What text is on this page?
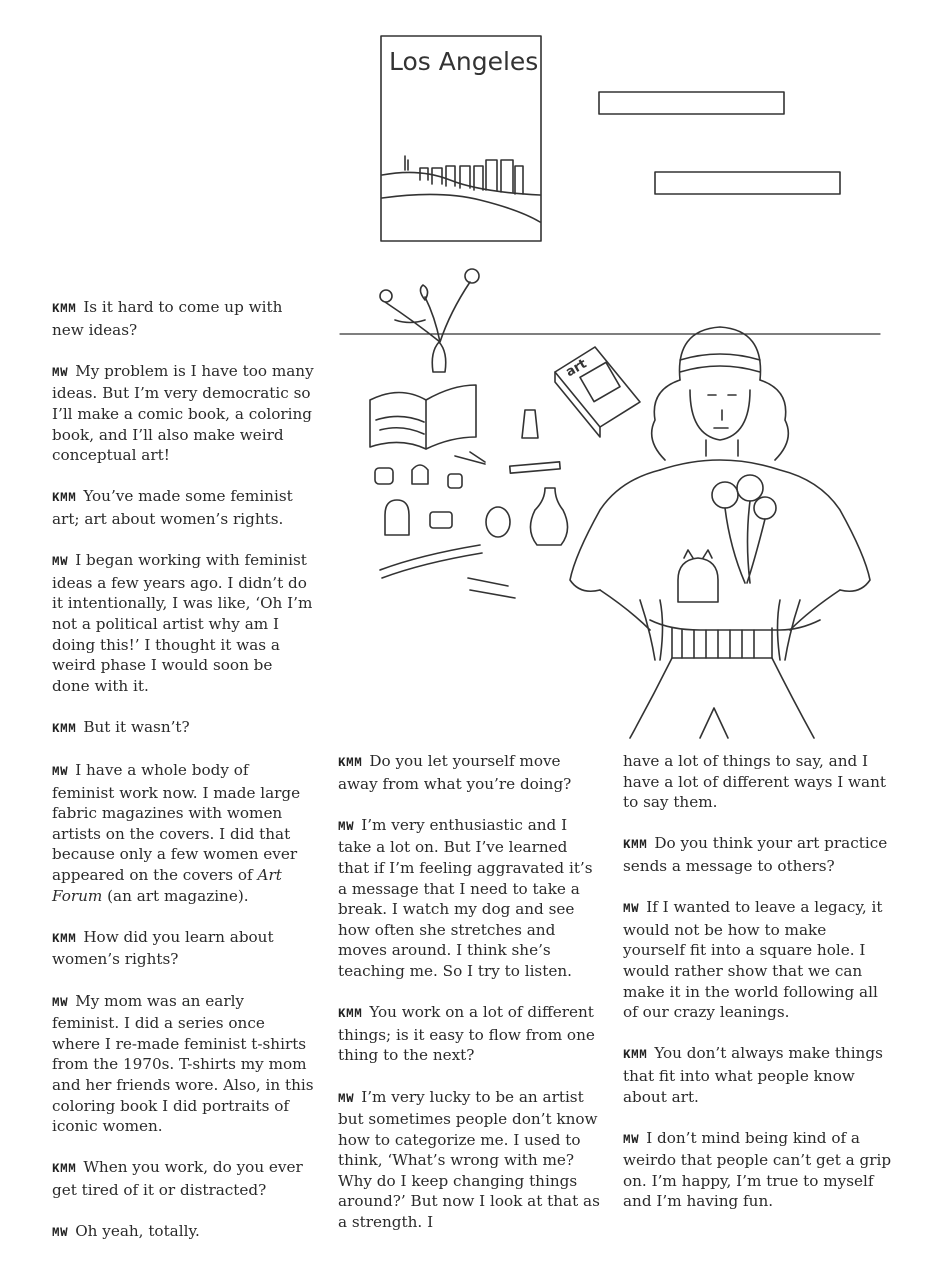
Los Angeles
art

KMM Is it hard to come up with new ideas?

MW My problem is I have too many ideas. But I’m very democratic so I’ll make a comic book, a coloring book, and I’ll also make weird conceptual art!

KMM You’ve made some feminist art; art about women’s rights.

MW I began working with feminist ideas a few years ago. I didn’t do it intentionally, I was like, ‘Oh I’m not a political artist why am I doing this!’ I thought it was a weird phase I would soon be done with it.

KMM But it wasn’t?

MW I have a whole body of feminist work now. I made large fabric magazines with women artists on the covers. I did that because only a few women ever appeared on the covers of Art Forum (an art magazine).

KMM How did you learn about women’s rights?

MW My mom was an early feminist. I did a series once where I re-made feminist t-shirts from the 1970s. T-shirts my mom and her friends wore. Also, in this coloring book I did portraits of iconic women.

KMM When you work, do you ever get tired of it or distracted?

MW Oh yeah, totally.

KMM Do you let yourself move away from what you’re doing?

MW I’m very enthusiastic and I take a lot on. But I’ve learned that if I’m feeling aggravated it’s a message that I need to take a break. I watch my dog and see how often she stretches and moves around. I think she’s teaching me. So I try to listen.

KMM You work on a lot of different things; is it easy to flow from one thing to the next?

MW I’m very lucky to be an artist but sometimes people don’t know how to categorize me. I used to think, ‘What’s wrong with me? Why do I keep changing things around?’ But now I look at that as a strength. I

have a lot of things to say, and I have a lot of different ways I want to say them.

KMM Do you think your art practice sends a message to others?

MW If I wanted to leave a legacy, it would not be how to make yourself fit into a square hole. I would rather show that we can make it in the world following all of our crazy leanings.

KMM You don’t always make things that fit into what people know about art.

MW I don’t mind being kind of a weirdo that people can’t get a grip on. I’m happy, I’m true to myself and I’m having fun.
